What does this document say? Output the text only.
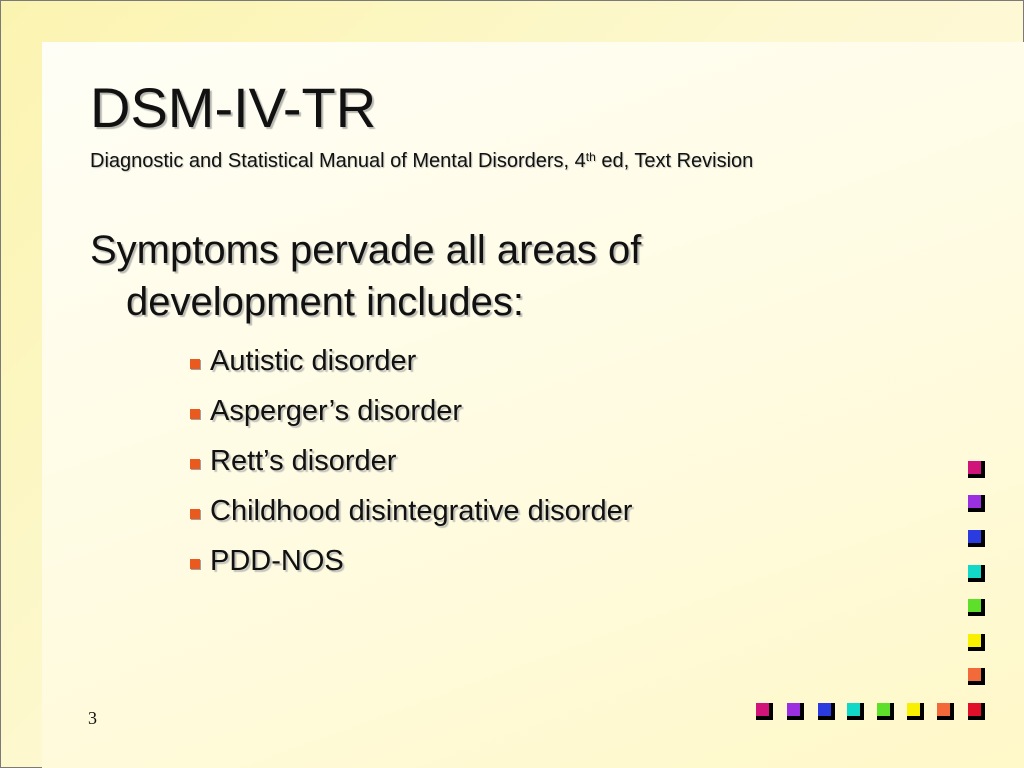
DSM-IV-TR
Diagnostic and Statistical Manual of Mental Disorders, 4th ed, Text Revision
Symptoms pervade all areas of development includes:
Autistic disorder
Asperger’s disorder
Rett’s disorder
Childhood disintegrative disorder
PDD-NOS
3
